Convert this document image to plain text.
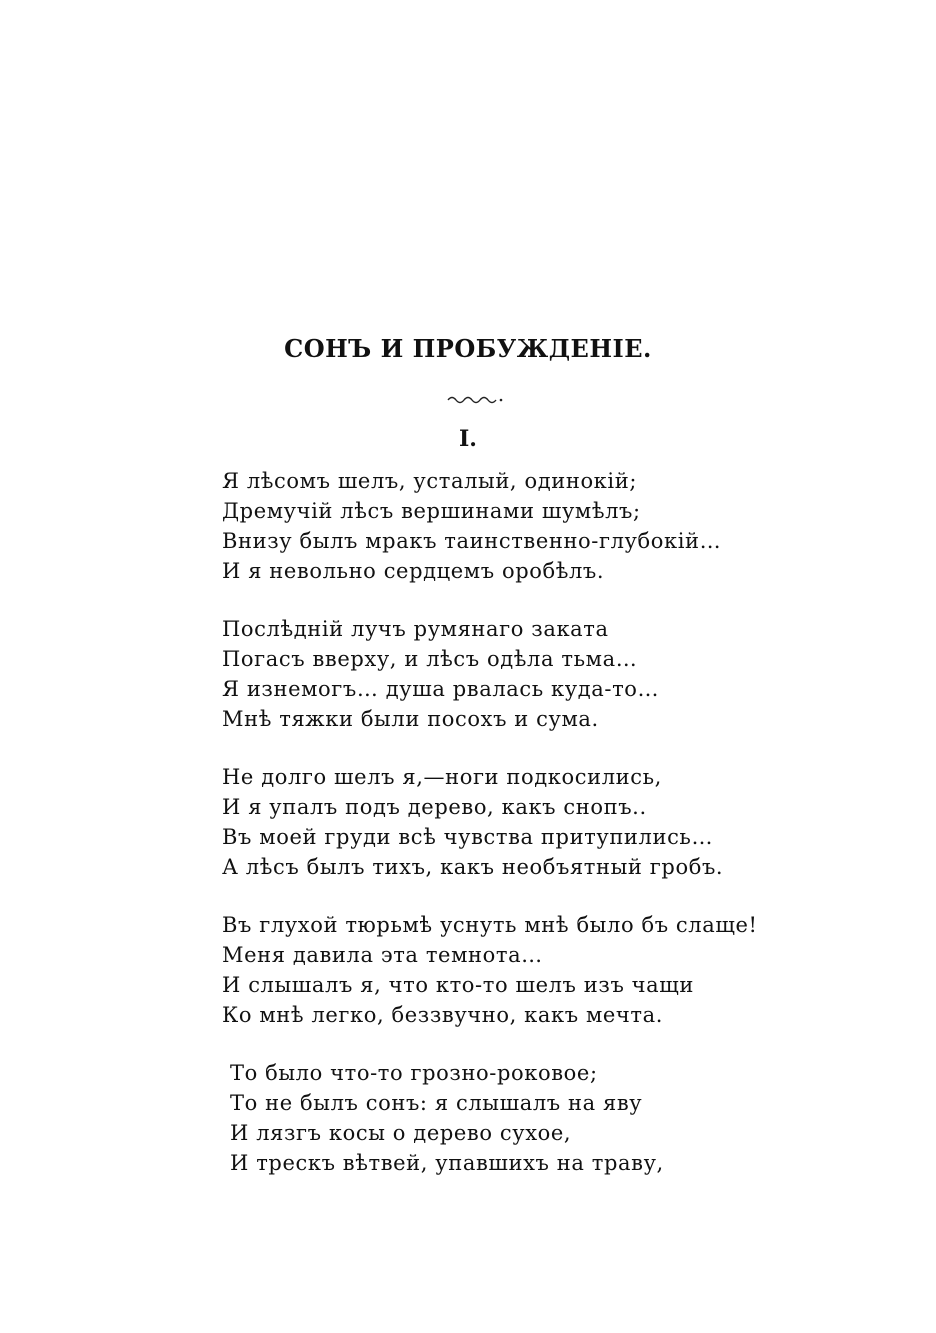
СОНЪ И ПРОБУЖДЕНІЕ.
I.
Я лѣсомъ шелъ, усталый, одинокій;
Дремучій лѣсъ вершинами шумѣлъ;
Внизу былъ мракъ таинственно-глубокій…
И я невольно сердцемъ оробѣлъ.
Послѣдній лучъ румянаго заката
Погасъ вверху, и лѣсъ одѣла тьма…
Я изнемогъ… душа рвалась куда-то…
Мнѣ тяжки были посохъ и сума.
Не долго шелъ я,—ноги подкосились,
И я упалъ подъ дерево, какъ снопъ..
Въ моей груди всѣ чувства притупились…
А лѣсъ былъ тихъ, какъ необъятный гробъ.
Въ глухой тюрьмѣ уснуть мнѣ было бъ слаще!
Меня давила эта темнота…
И слышалъ я, что кто-то шелъ изъ чащи
Ко мнѣ легко, беззвучно, какъ мечта.
То было что-то грозно-роковое;
То не былъ сонъ: я слышалъ на яву
И лязгъ косы о дерево сухое,
И трескъ вѣтвей, упавшихъ на траву,
